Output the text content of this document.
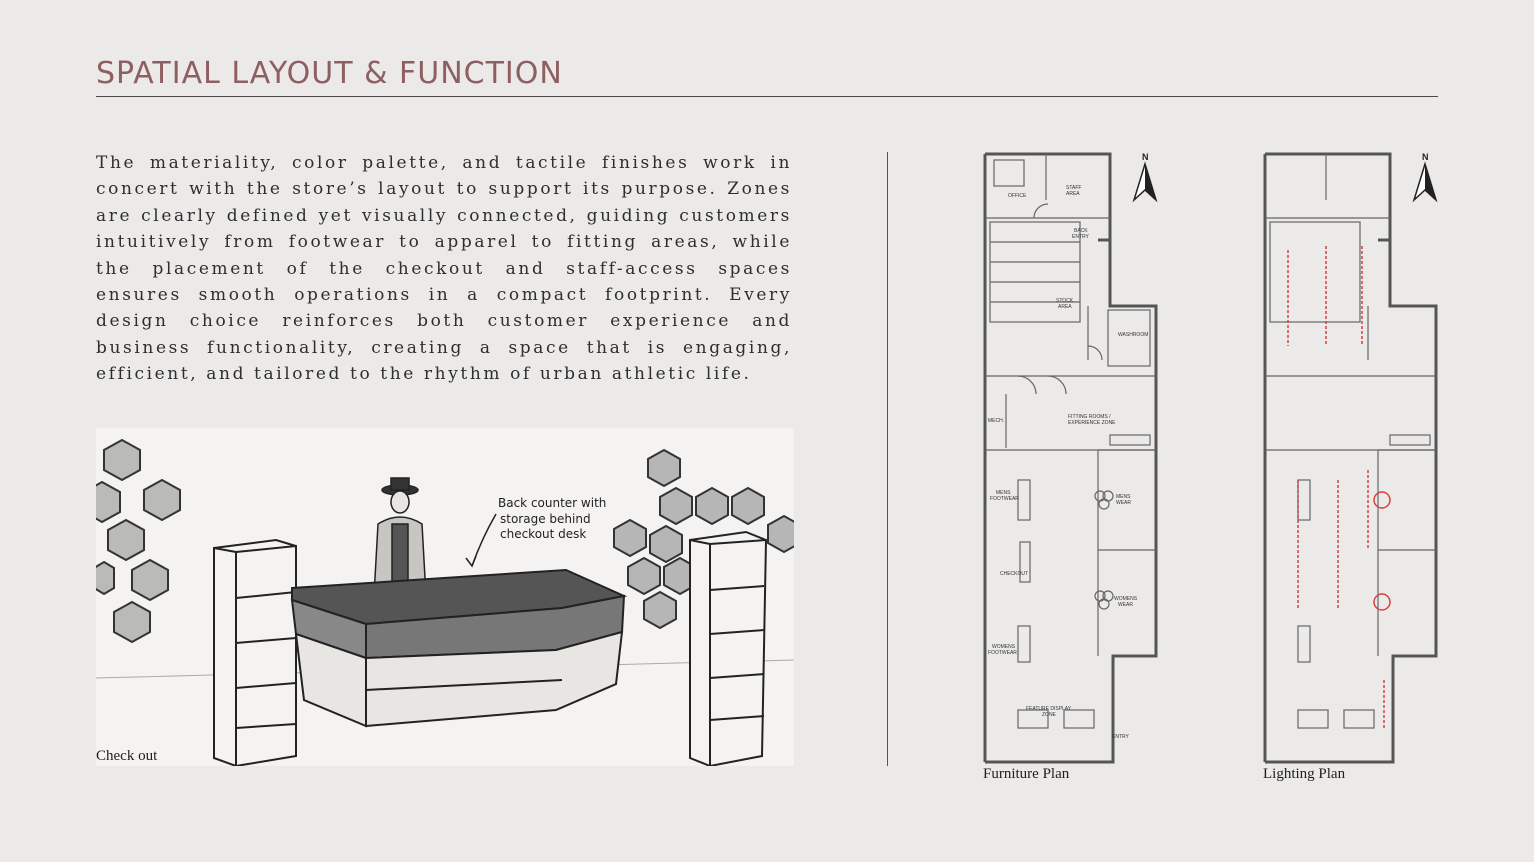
SPATIAL LAYOUT & FUNCTION

The materiality, color palette, and tactile finishes work in concert with the store’s layout to support its purpose. Zones are clearly defined yet visually connected, guiding customers intuitively from footwear to apparel to fitting areas, while the placement of the checkout and staff-access spaces ensures smooth operations in a compact footprint. Every design choice reinforces both customer experience and business functionality, creating a space that is engaging, efficient, and tailored to the rhythm of urban athletic life.

Back counter with
storage behind
checkout desk
Check out
OFFICE
STAFF
AREA
BACK
ENTRY
STOCK
AREA
WASHROOM
MECH.
FITTING ROOMS /
EXPERIENCE ZONE
MENS
FOOTWEAR	MENS
WEAR
CHECKOUT
WOMENS
WEAR
WOMENS
FOOTWEAR
FEATURE DISPLAY
ZONE
ENTRY
N
Furniture Plan
N
Lighting Plan
